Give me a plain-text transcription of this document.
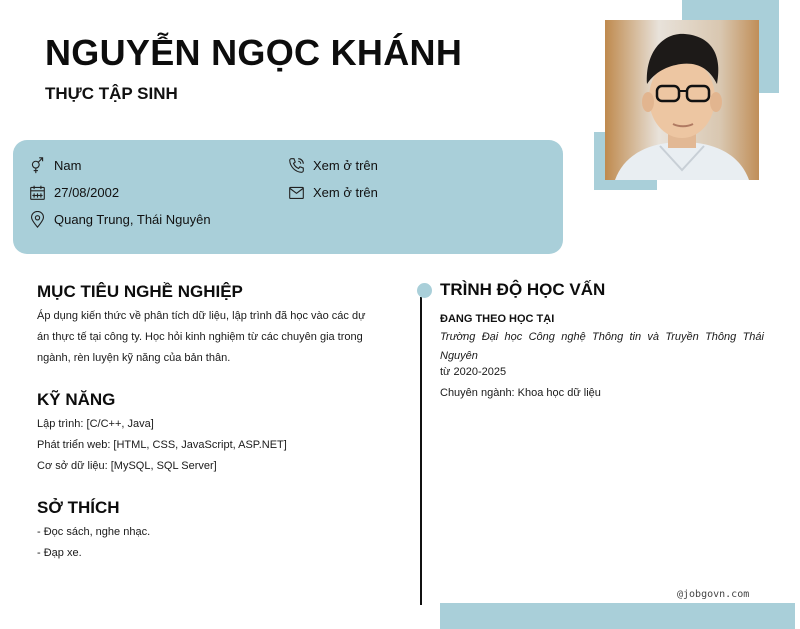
NGUYỄN NGỌC KHÁNH
THỰC TẬP SINH
Nam
27/08/2002
Quang Trung, Thái Nguyên
Xem ở trên
Xem ở trên
MỤC TIÊU NGHỀ NGHIỆP
Áp dụng kiến thức về phân tích dữ liệu, lập trình đã học vào các dự án thực tế tại công ty. Học hỏi kinh nghiệm từ các chuyên gia trong ngành, rèn luyện kỹ năng của bản thân.
KỸ NĂNG
Lập trình: [C/C++, Java]
Phát triển web: [HTML, CSS, JavaScript, ASP.NET]
Cơ sở dữ liệu: [MySQL, SQL Server]
SỞ THÍCH
- Đọc sách, nghe nhạc.
- Đạp xe.
TRÌNH ĐỘ HỌC VẤN
ĐANG THEO HỌC TẠI
Trường Đại học Công nghệ Thông tin và Truyền Thông Thái Nguyên
từ 2020-2025
Chuyên ngành: Khoa học dữ liệu
@jobgovn.com
